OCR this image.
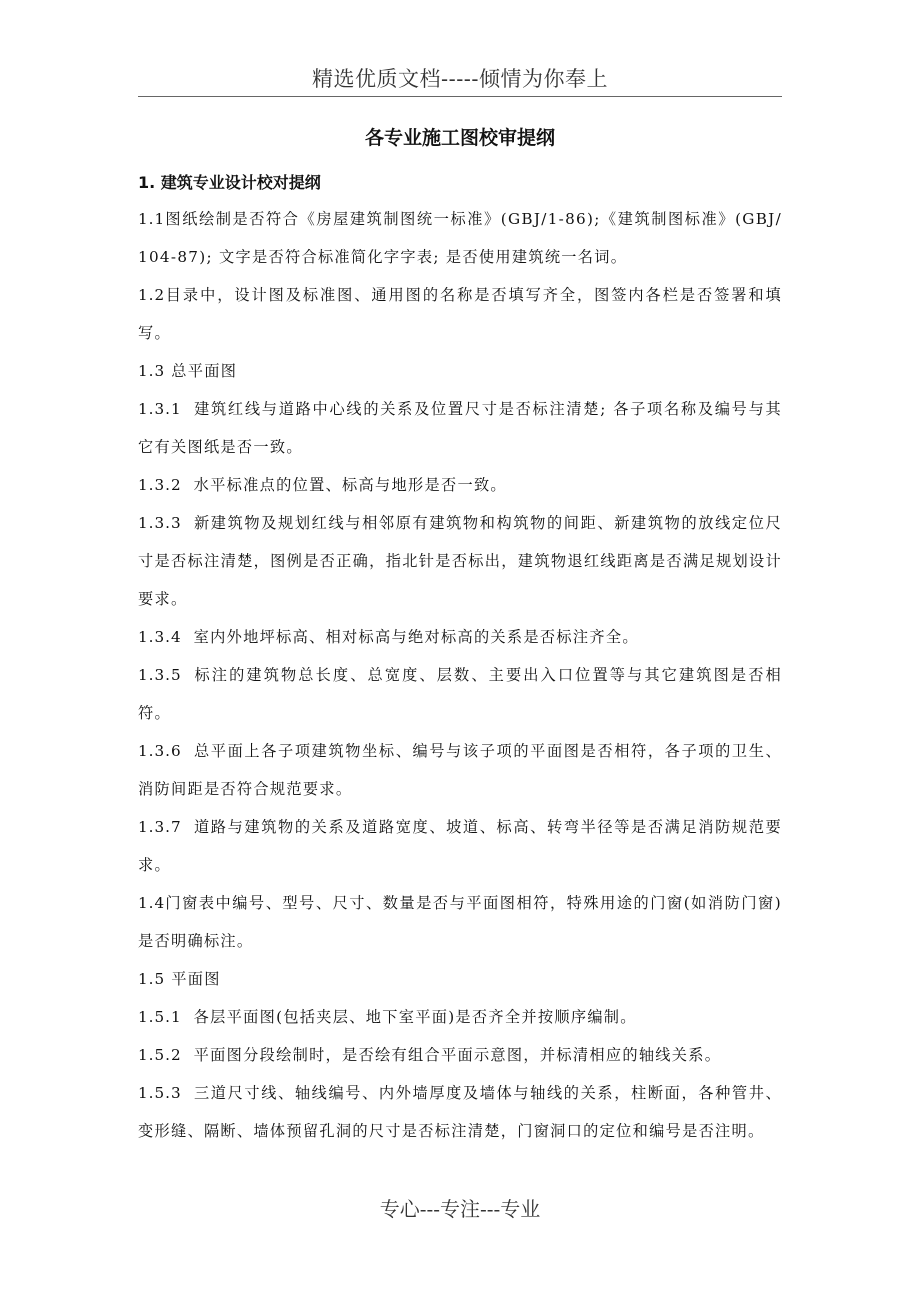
精选优质文档-----倾情为你奉上
各专业施工图校审提纲
1. 建筑专业设计校对提纲

1.1图纸绘制是否符合《房屋建筑制图统一标准》(GBJ/1-86);《建筑制图标准》(GBJ/104-87); 文字是否符合标准简化字字表; 是否使用建筑统一名词。

1.2目录中，设计图及标准图、通用图的名称是否填写齐全，图签内各栏是否签署和填写。

1.3 总平面图

1.3.1 建筑红线与道路中心线的关系及位置尺寸是否标注清楚; 各子项名称及编号与其它有关图纸是否一致。

1.3.2 水平标准点的位置、标高与地形是否一致。

1.3.3 新建筑物及规划红线与相邻原有建筑物和构筑物的间距、新建筑物的放线定位尺寸是否标注清楚，图例是否正确，指北针是否标出，建筑物退红线距离是否满足规划设计要求。

1.3.4 室内外地坪标高、相对标高与绝对标高的关系是否标注齐全。

1.3.5 标注的建筑物总长度、总宽度、层数、主要出入口位置等与其它建筑图是否相符。

1.3.6 总平面上各子项建筑物坐标、编号与该子项的平面图是否相符，各子项的卫生、消防间距是否符合规范要求。

1.3.7 道路与建筑物的关系及道路宽度、坡道、标高、转弯半径等是否满足消防规范要求。

1.4门窗表中编号、型号、尺寸、数量是否与平面图相符，特殊用途的门窗(如消防门窗)是否明确标注。

1.5 平面图

1.5.1 各层平面图(包括夹层、地下室平面)是否齐全并按顺序编制。

1.5.2 平面图分段绘制时，是否绘有组合平面示意图，并标清相应的轴线关系。

1.5.3 三道尺寸线、轴线编号、内外墙厚度及墙体与轴线的关系，柱断面，各种管井、变形缝、隔断、墙体预留孔洞的尺寸是否标注清楚，门窗洞口的定位和编号是否注明。

专心---专注---专业
